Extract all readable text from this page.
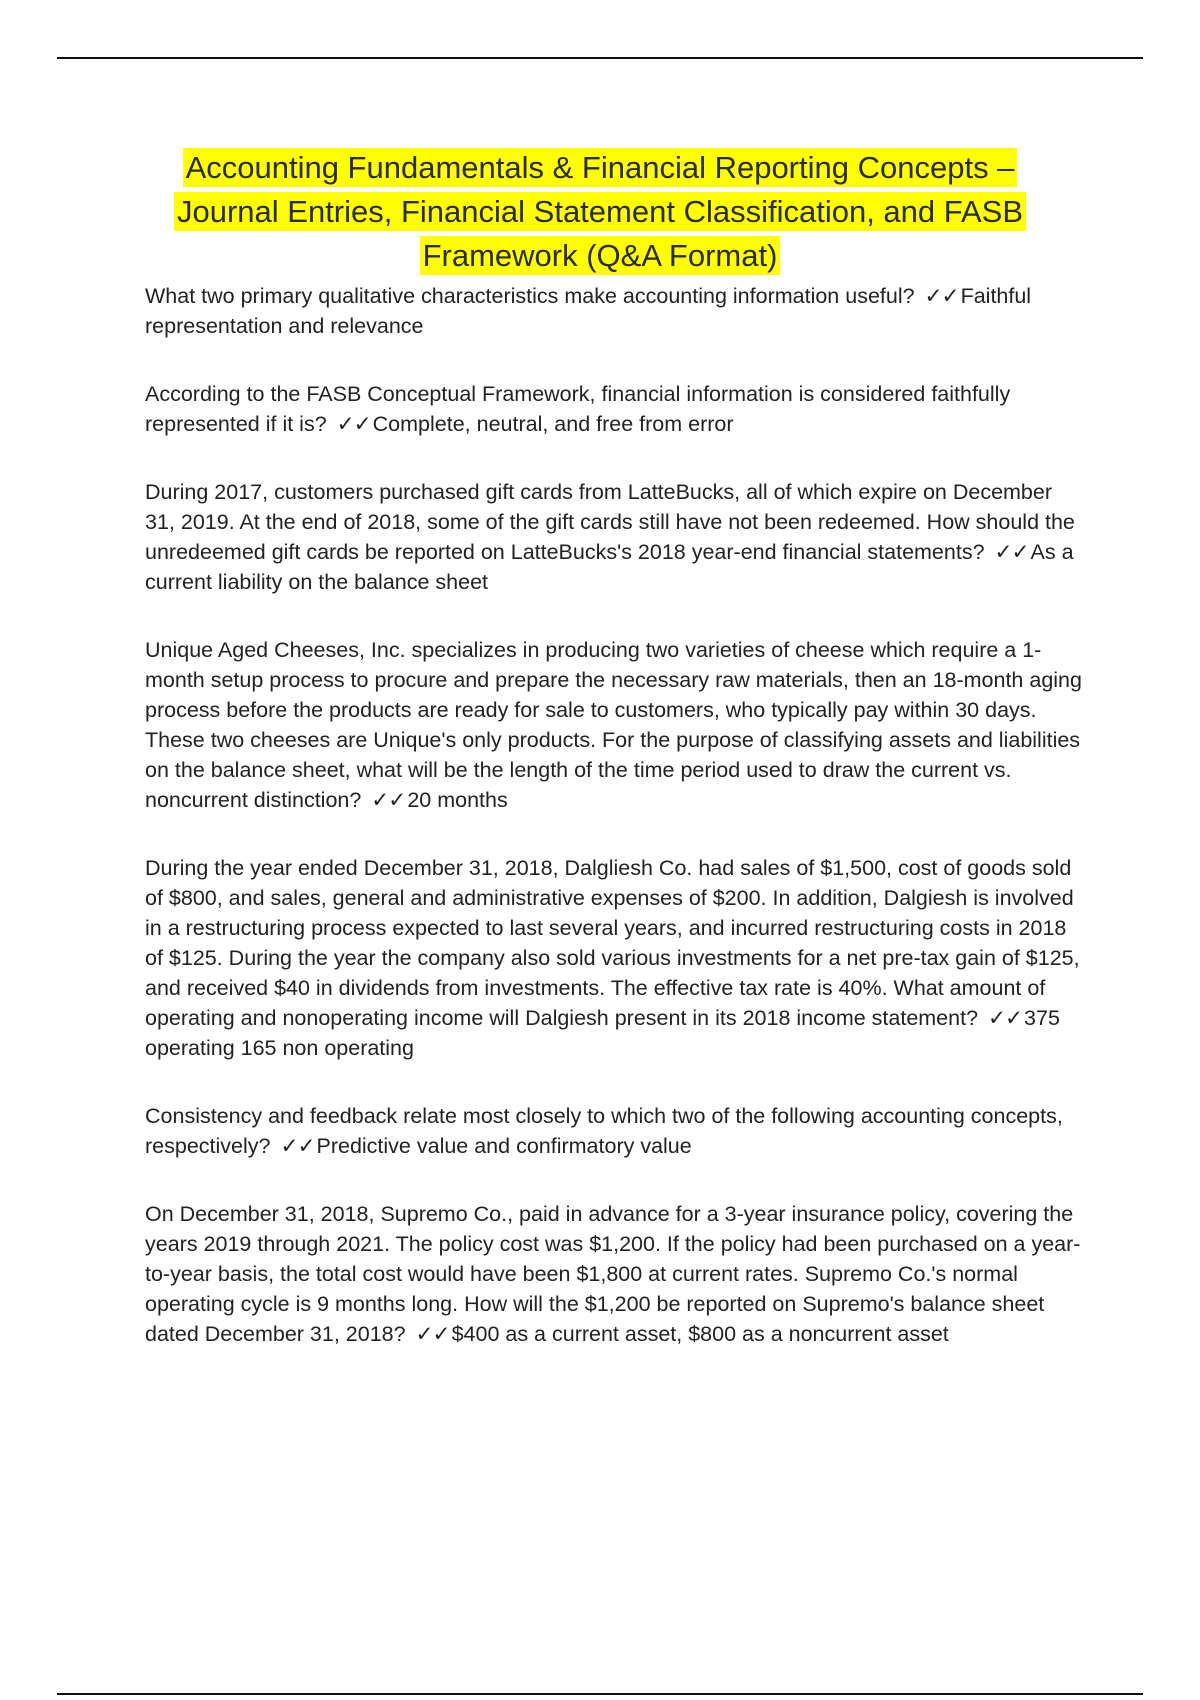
Accounting Fundamentals & Financial Reporting Concepts – Journal Entries, Financial Statement Classification, and FASB Framework (Q&A Format)

What two primary qualitative characteristics make accounting information useful? ✓✓Faithful representation and relevance

According to the FASB Conceptual Framework, financial information is considered faithfully represented if it is? ✓✓Complete, neutral, and free from error

During 2017, customers purchased gift cards from LatteBucks, all of which expire on December 31, 2019. At the end of 2018, some of the gift cards still have not been redeemed. How should the unredeemed gift cards be reported on LatteBucks's 2018 year-end financial statements? ✓✓As a current liability on the balance sheet

Unique Aged Cheeses, Inc. specializes in producing two varieties of cheese which require a 1-month setup process to procure and prepare the necessary raw materials, then an 18-month aging process before the products are ready for sale to customers, who typically pay within 30 days. These two cheeses are Unique's only products. For the purpose of classifying assets and liabilities on the balance sheet, what will be the length of the time period used to draw the current vs. noncurrent distinction? ✓✓20 months

During the year ended December 31, 2018, Dalgliesh Co. had sales of $1,500, cost of goods sold of $800, and sales, general and administrative expenses of $200. In addition, Dalgiesh is involved in a restructuring process expected to last several years, and incurred restructuring costs in 2018 of $125. During the year the company also sold various investments for a net pre-tax gain of $125, and received $40 in dividends from investments. The effective tax rate is 40%. What amount of operating and nonoperating income will Dalgiesh present in its 2018 income statement? ✓✓375 operating 165 non operating

Consistency and feedback relate most closely to which two of the following accounting concepts, respectively? ✓✓Predictive value and confirmatory value

On December 31, 2018, Supremo Co., paid in advance for a 3-year insurance policy, covering the years 2019 through 2021. The policy cost was $1,200. If the policy had been purchased on a year-to-year basis, the total cost would have been $1,800 at current rates. Supremo Co.'s normal operating cycle is 9 months long. How will the $1,200 be reported on Supremo's balance sheet dated December 31, 2018? ✓✓$400 as a current asset, $800 as a noncurrent asset
